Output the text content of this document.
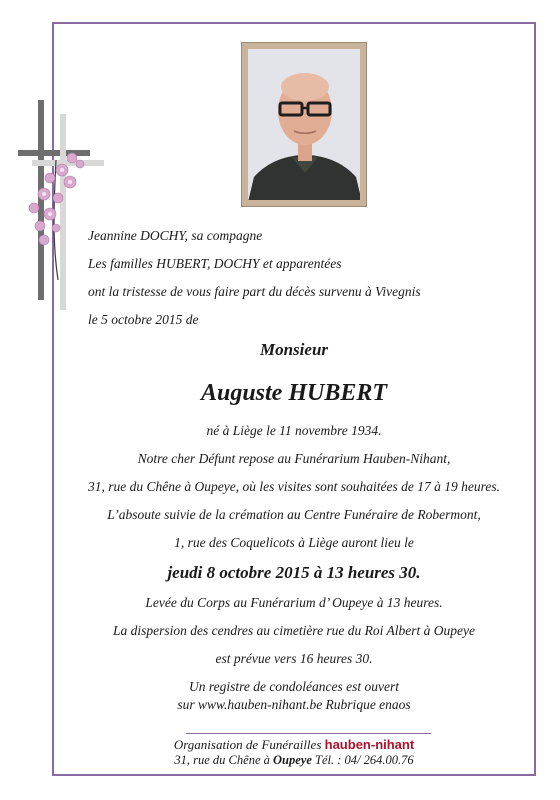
Jeannine DOCHY, sa compagne

Les familles HUBERT, DOCHY et apparentées

ont la tristesse de vous faire part du décès survenu à Vivegnis

le 5 octobre 2015 de

Monsieur

Auguste HUBERT

né à Liège le 11 novembre 1934.

Notre cher Défunt repose au Funérarium Hauben-Nihant,

31, rue du Chêne à Oupeye, où les visites sont souhaitées de 17 à 19 heures.

L’absoute suivie de la crémation au Centre Funéraire de Robermont,

1, rue des Coquelicots à Liège auront lieu le

jeudi 8 octobre 2015 à 13 heures 30.

Levée du Corps au Funérarium d’ Oupeye à 13 heures.

La dispersion des cendres au cimetière rue du Roi Albert à Oupeye

est prévue vers 16 heures 30.

Un registre de condoléances est ouvert

sur www.hauben-nihant.be Rubrique enaos

Organisation de Funérailles hauben-nihant
31, rue du Chêne à Oupeye Tél. : 04/ 264.00.76
